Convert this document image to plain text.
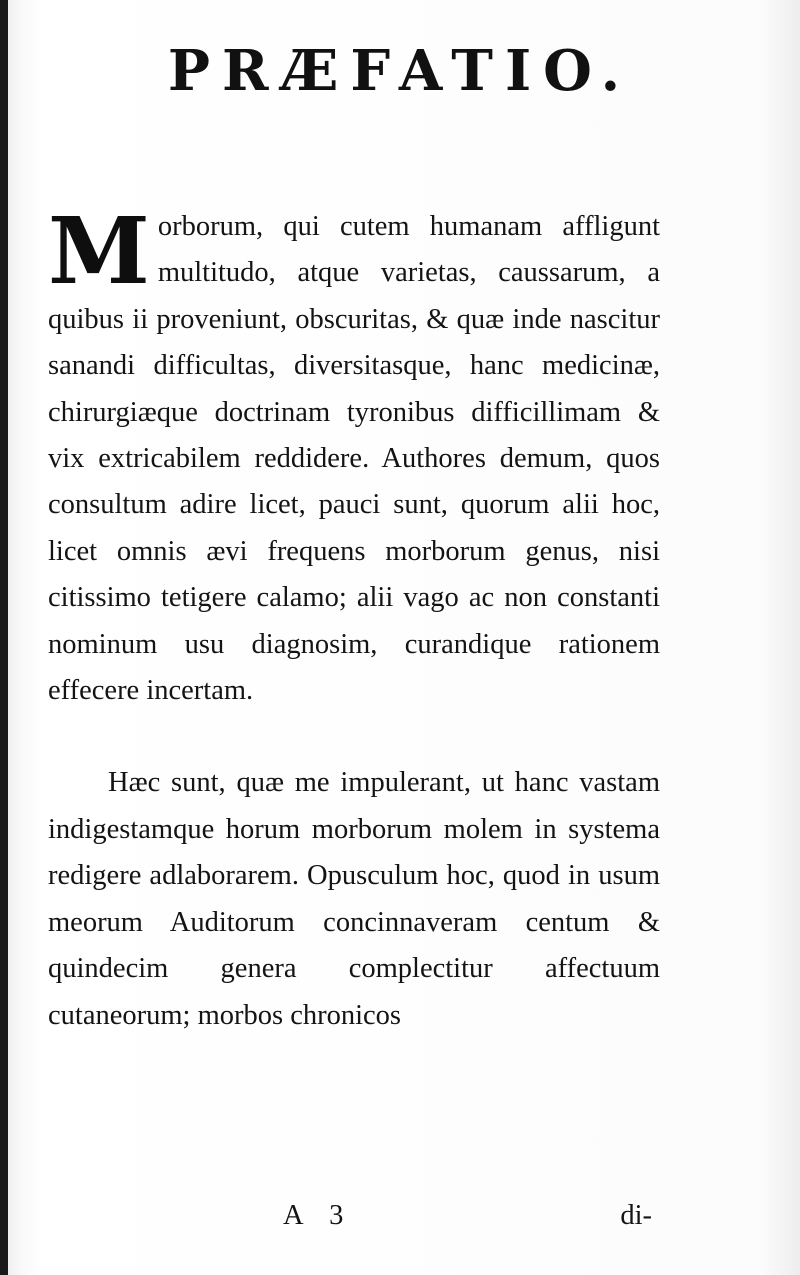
PRÆFATIO.

Morborum, qui cutem humanam affligunt multitudo, atque varietas, caussarum, a quibus ii proveniunt, obscuritas, & quæ inde nascitur sanandi difficultas, diversitasque, hanc medicinæ, chirurgiæque doctrinam tyronibus difficillimam & vix extricabilem reddidere. Authores demum, quos consultum adire licet, pauci sunt, quorum alii hoc, licet omnis ævi frequens morborum genus, nisi citissimo tetigere calamo; alii vago ac non constanti nominum usu diagnosim, curandique rationem effecere incertam.

Hæc sunt, quæ me impulerant, ut hanc vastam indigestamque horum morborum molem in systema redigere adlaborarem. Opusculum hoc, quod in usum meorum Auditorum concinnaveram centum & quindecim genera complectitur affectuum cutaneorum; morbos chronicos

A 3	di-
